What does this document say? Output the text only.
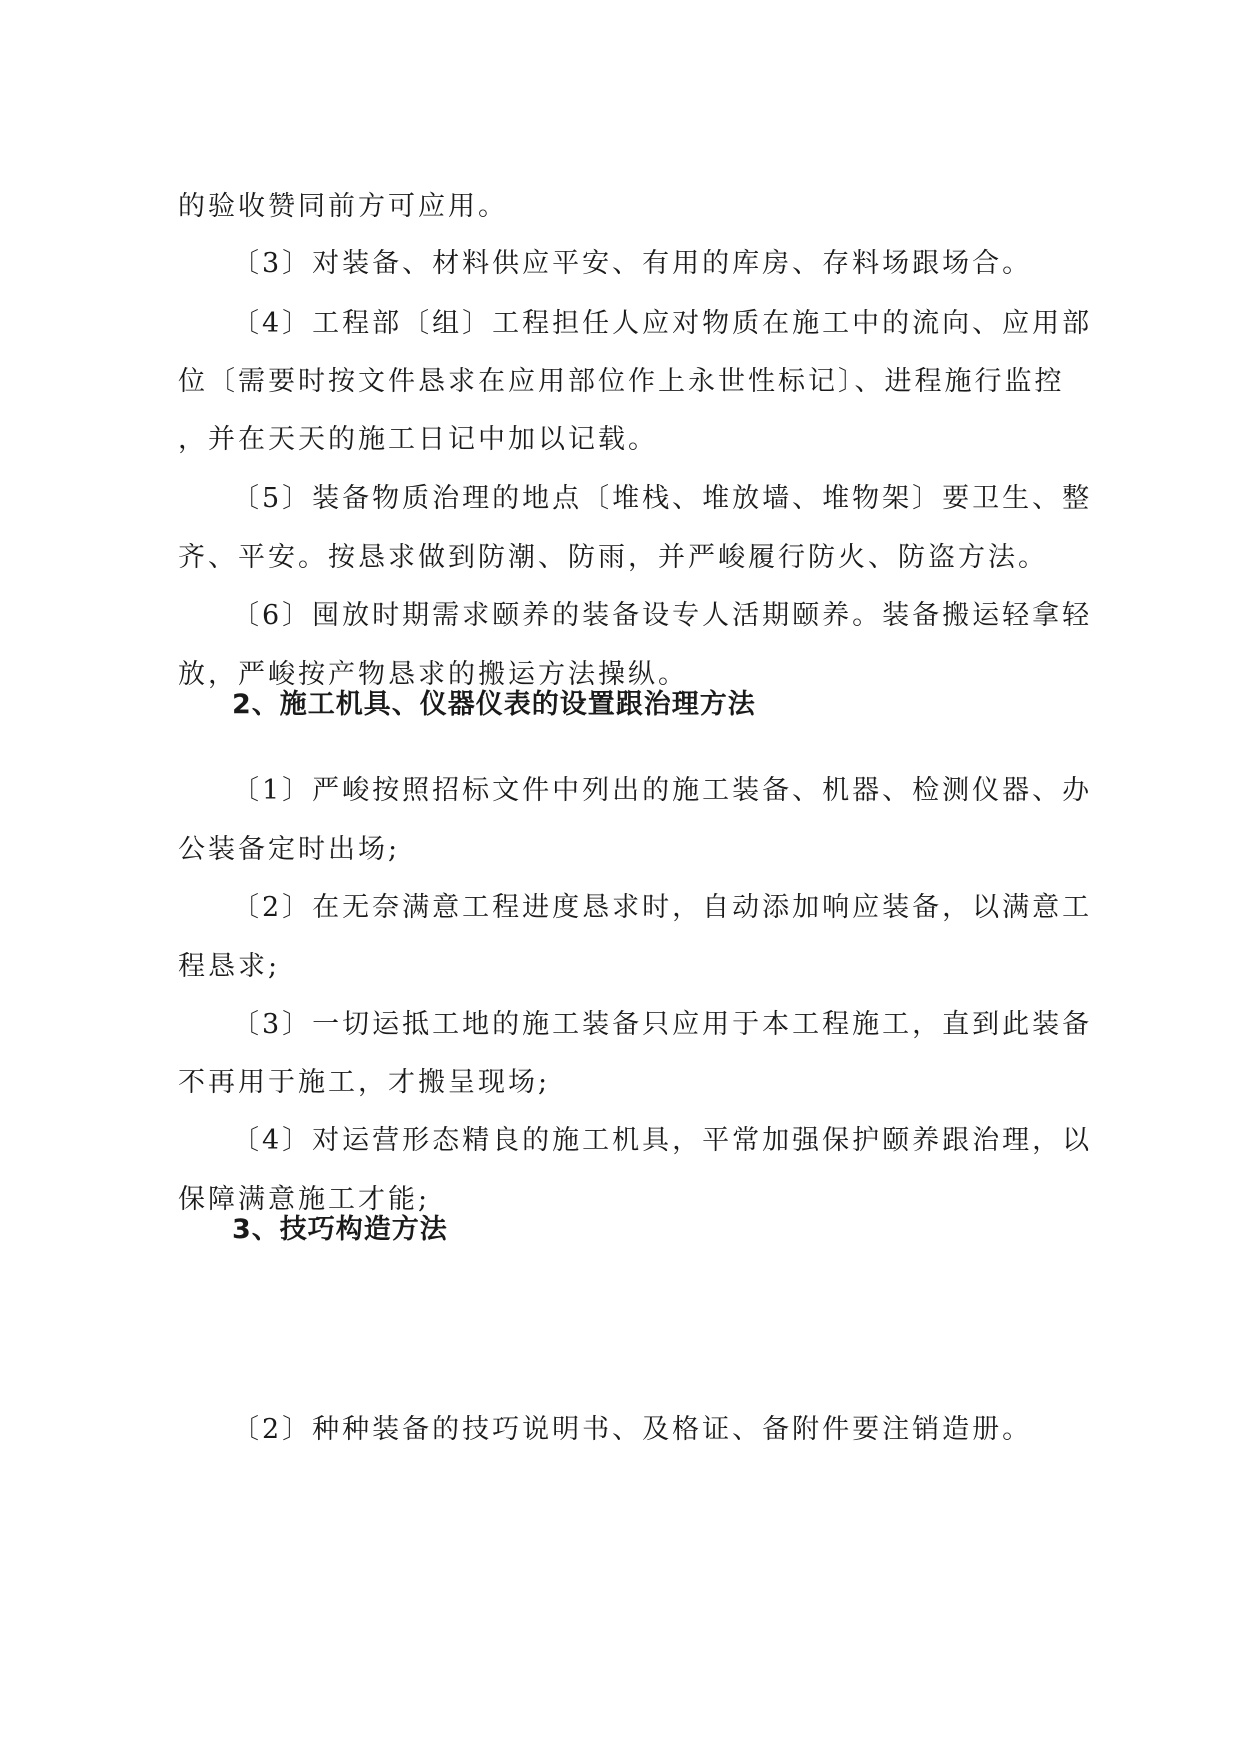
的验收赞同前方可应用。

〔3〕对装备、材料供应平安、有用的库房、存料场跟场合。

〔4〕工程部〔组〕工程担任人应对物质在施工中的流向、应用部

位〔需要时按文件恳求在应用部位作上永世性标记〕、进程施行监控

，并在天天的施工日记中加以记载。

〔5〕装备物质治理的地点〔堆栈、堆放墙、堆物架〕要卫生、整

齐、平安。按恳求做到防潮、防雨，并严峻履行防火、防盗方法。

〔6〕囤放时期需求颐养的装备设专人活期颐养。装备搬运轻拿轻

放，严峻按产物恳求的搬运方法操纵。

2、施工机具、仪器仪表的设置跟治理方法

〔1〕严峻按照招标文件中列出的施工装备、机器、检测仪器、办

公装备定时出场;

〔2〕在无奈满意工程进度恳求时，自动添加响应装备，以满意工

程恳求;

〔3〕一切运抵工地的施工装备只应用于本工程施工，直到此装备

不再用于施工，才搬呈现场;

〔4〕对运营形态精良的施工机具，平常加强保护颐养跟治理，以

保障满意施工才能;

3、技巧构造方法

〔2〕种种装备的技巧说明书、及格证、备附件要注销造册。
